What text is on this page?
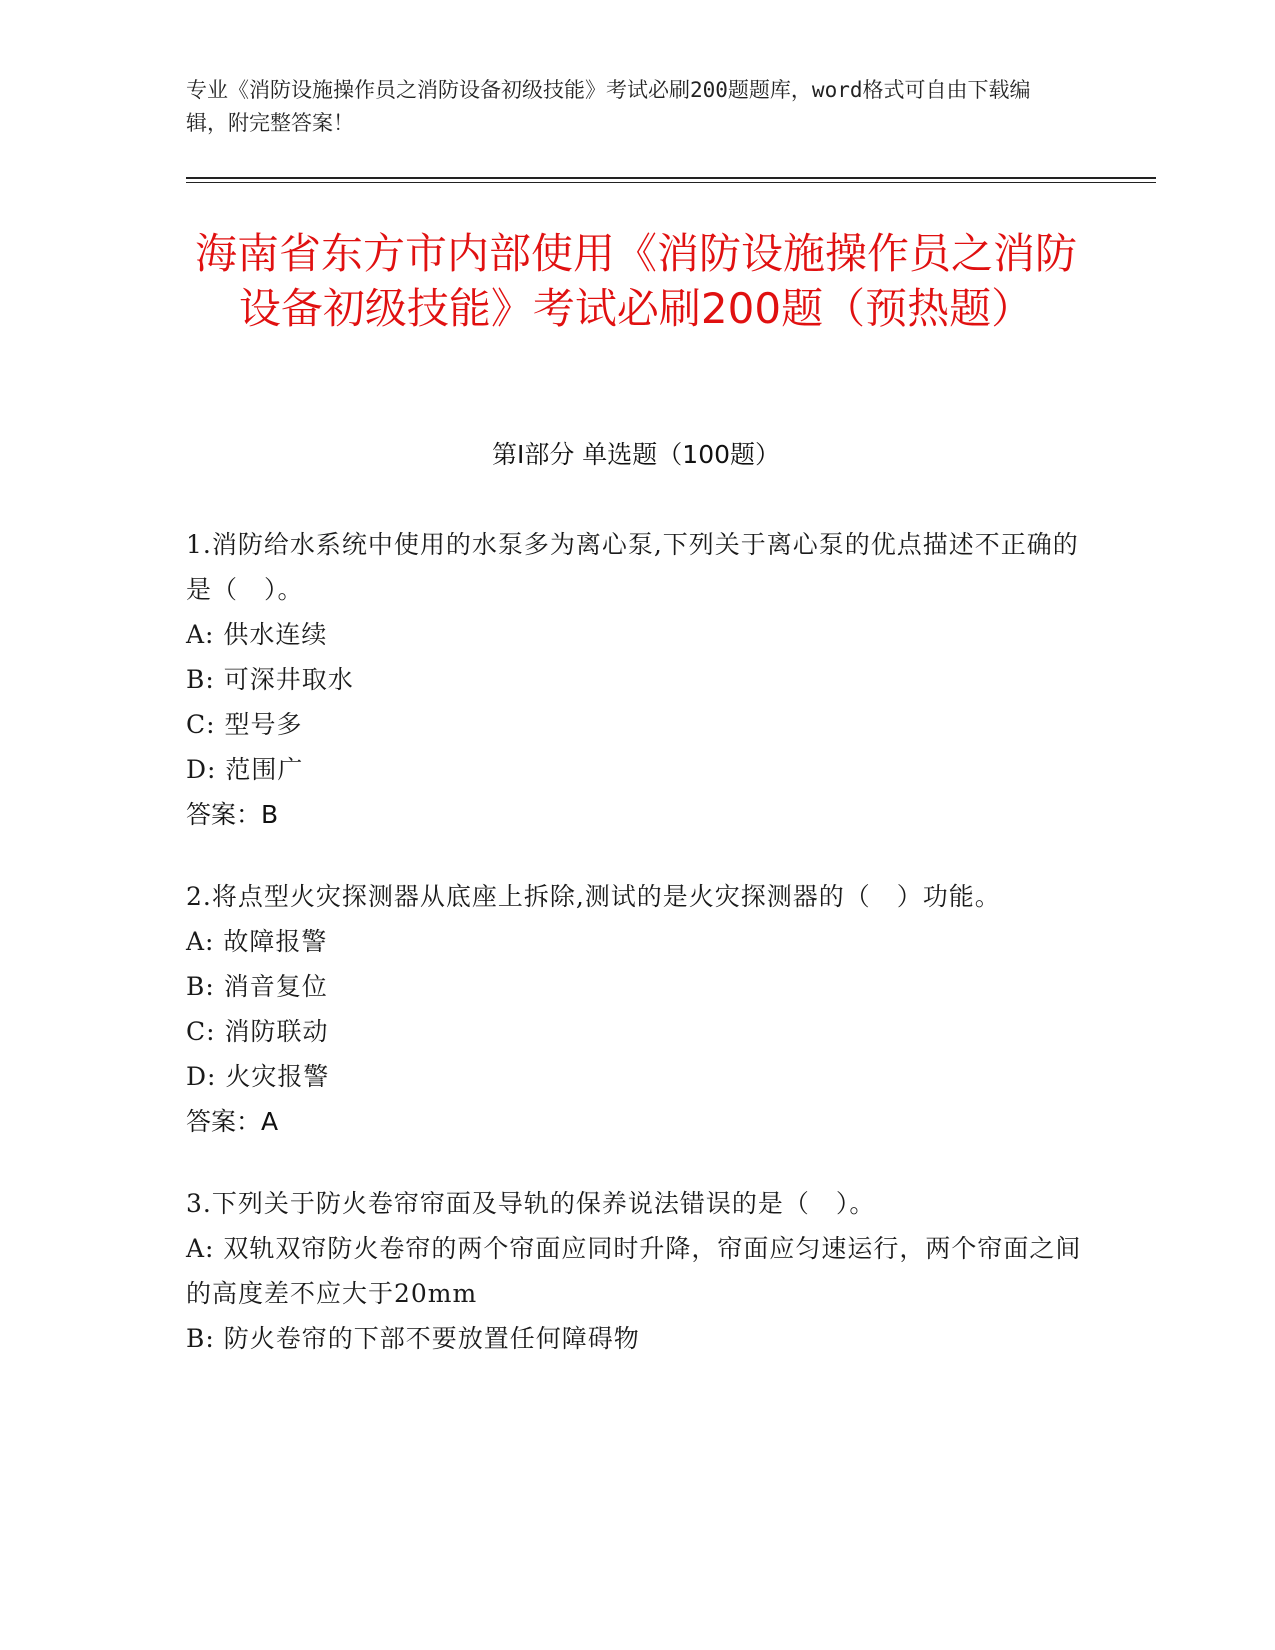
专业《消防设施操作员之消防设备初级技能》考试必刷200题题库，word格式可自由下载编辑，附完整答案！
海南省东方市内部使用《消防设施操作员之消防设备初级技能》考试必刷200题（预热题）
第Ⅰ部分 单选题（100题）
1.消防给水系统中使用的水泵多为离心泵,下列关于离心泵的优点描述不正确的是（　）。
A: 供水连续
B: 可深井取水
C: 型号多
D: 范围广
答案：B
2.将点型火灾探测器从底座上拆除,测试的是火灾探测器的（　）功能。
A: 故障报警
B: 消音复位
C: 消防联动
D: 火灾报警
答案：A
3.下列关于防火卷帘帘面及导轨的保养说法错误的是（　）。
A: 双轨双帘防火卷帘的两个帘面应同时升降，帘面应匀速运行，两个帘面之间的高度差不应大于20mm
B: 防火卷帘的下部不要放置任何障碍物
